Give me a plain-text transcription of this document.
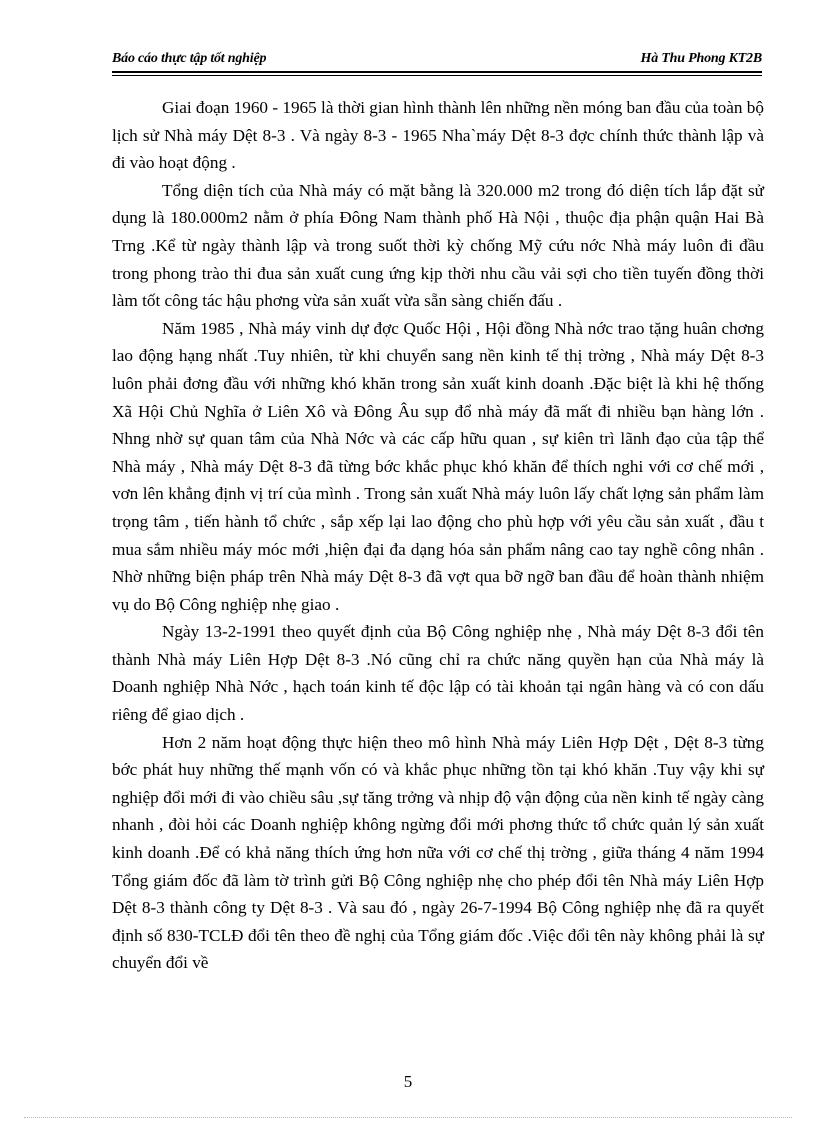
Báo cáo thực tập tốt nghiệp	Hà Thu Phong KT2B

Giai đoạn 1960 - 1965 là thời gian hình thành lên những nền móng ban đầu của toàn bộ lịch sử Nhà máy Dệt 8-3 . Và ngày 8-3 - 1965 Nha`máy Dệt 8-3 đợc chính thức thành lập và đi vào hoạt động .

Tổng diện tích của Nhà máy có mặt bằng là 320.000 m2 trong đó diện tích lắp đặt sử dụng là 180.000m2 nằm ở phía Đông Nam thành phố Hà Nội , thuộc địa phận quận Hai Bà Trng .Kể từ ngày thành lập và trong suốt thời kỳ chống Mỹ cứu nớc Nhà máy luôn đi đầu trong phong trào thi đua sản xuất cung ứng kịp thời nhu cầu vải sợi cho tiền tuyến đồng thời làm tốt công tác hậu phơng vừa sản xuất vừa sẵn sàng chiến đấu .

Năm 1985 , Nhà máy vinh dự đợc Quốc Hội , Hội đồng Nhà nớc trao tặng huân chơng lao động hạng nhất .Tuy nhiên, từ khi chuyển sang nền kinh tế thị trờng , Nhà máy Dệt 8-3 luôn phải đơng đầu với những khó khăn trong sản xuất kinh doanh .Đặc biệt là khi hệ thống Xã Hội Chủ Nghĩa ở Liên Xô và Đông Âu sụp đổ nhà máy đã mất đi nhiều bạn hàng lớn . Nhng nhờ sự quan tâm của Nhà Nớc và các cấp hữu quan , sự kiên trì lãnh đạo của tập thể Nhà máy , Nhà máy Dệt 8-3 đã từng bớc khắc phục khó khăn để thích nghi với cơ chế mới , vơn lên khẳng định vị trí của mình . Trong sản xuất Nhà máy luôn lấy chất lợng sản phẩm làm trọng tâm , tiến hành tổ chức , sắp xếp lại lao động cho phù hợp với yêu cầu sản xuất , đầu t mua sắm nhiều máy móc mới ,hiện đại đa dạng hóa sản phẩm nâng cao tay nghề công nhân . Nhờ những biện pháp trên Nhà máy Dệt 8-3 đã vợt qua bỡ ngỡ ban đầu để hoàn thành nhiệm vụ do Bộ Công nghiệp nhẹ giao .

Ngày 13-2-1991 theo quyết định của Bộ Công nghiệp nhẹ , Nhà máy Dệt 8-3 đổi tên thành Nhà máy Liên Hợp Dệt 8-3 .Nó cũng chỉ ra chức năng quyền hạn của Nhà máy là Doanh nghiệp Nhà Nớc , hạch toán kinh tế độc lập có tài khoản tại ngân hàng và có con dấu riêng để giao dịch .

Hơn 2 năm hoạt động thực hiện theo mô hình Nhà máy Liên Hợp Dệt , Dệt 8-3 từng bớc phát huy những thế mạnh vốn có và khắc phục những tồn tại khó khăn .Tuy vậy khi sự nghiệp đổi mới đi vào chiều sâu ,sự tăng trởng và nhịp độ vận động của nền kinh tế ngày càng nhanh , đòi hỏi các Doanh nghiệp không ngừng đổi mới phơng thức tổ chức quản lý sản xuất kinh doanh .Để có khả năng thích ứng hơn nữa với cơ chế thị trờng , giữa tháng 4 năm 1994 Tổng giám đốc đã làm tờ trình gửi Bộ Công nghiệp nhẹ cho phép đổi tên Nhà máy Liên Hợp Dệt 8-3 thành công ty Dệt 8-3 . Và sau đó , ngày 26-7-1994 Bộ Công nghiệp nhẹ đã ra quyết định số 830-TCLĐ đổi tên theo đề nghị của Tổng giám đốc .Việc đổi tên này không phải là sự chuyển đổi về

5
